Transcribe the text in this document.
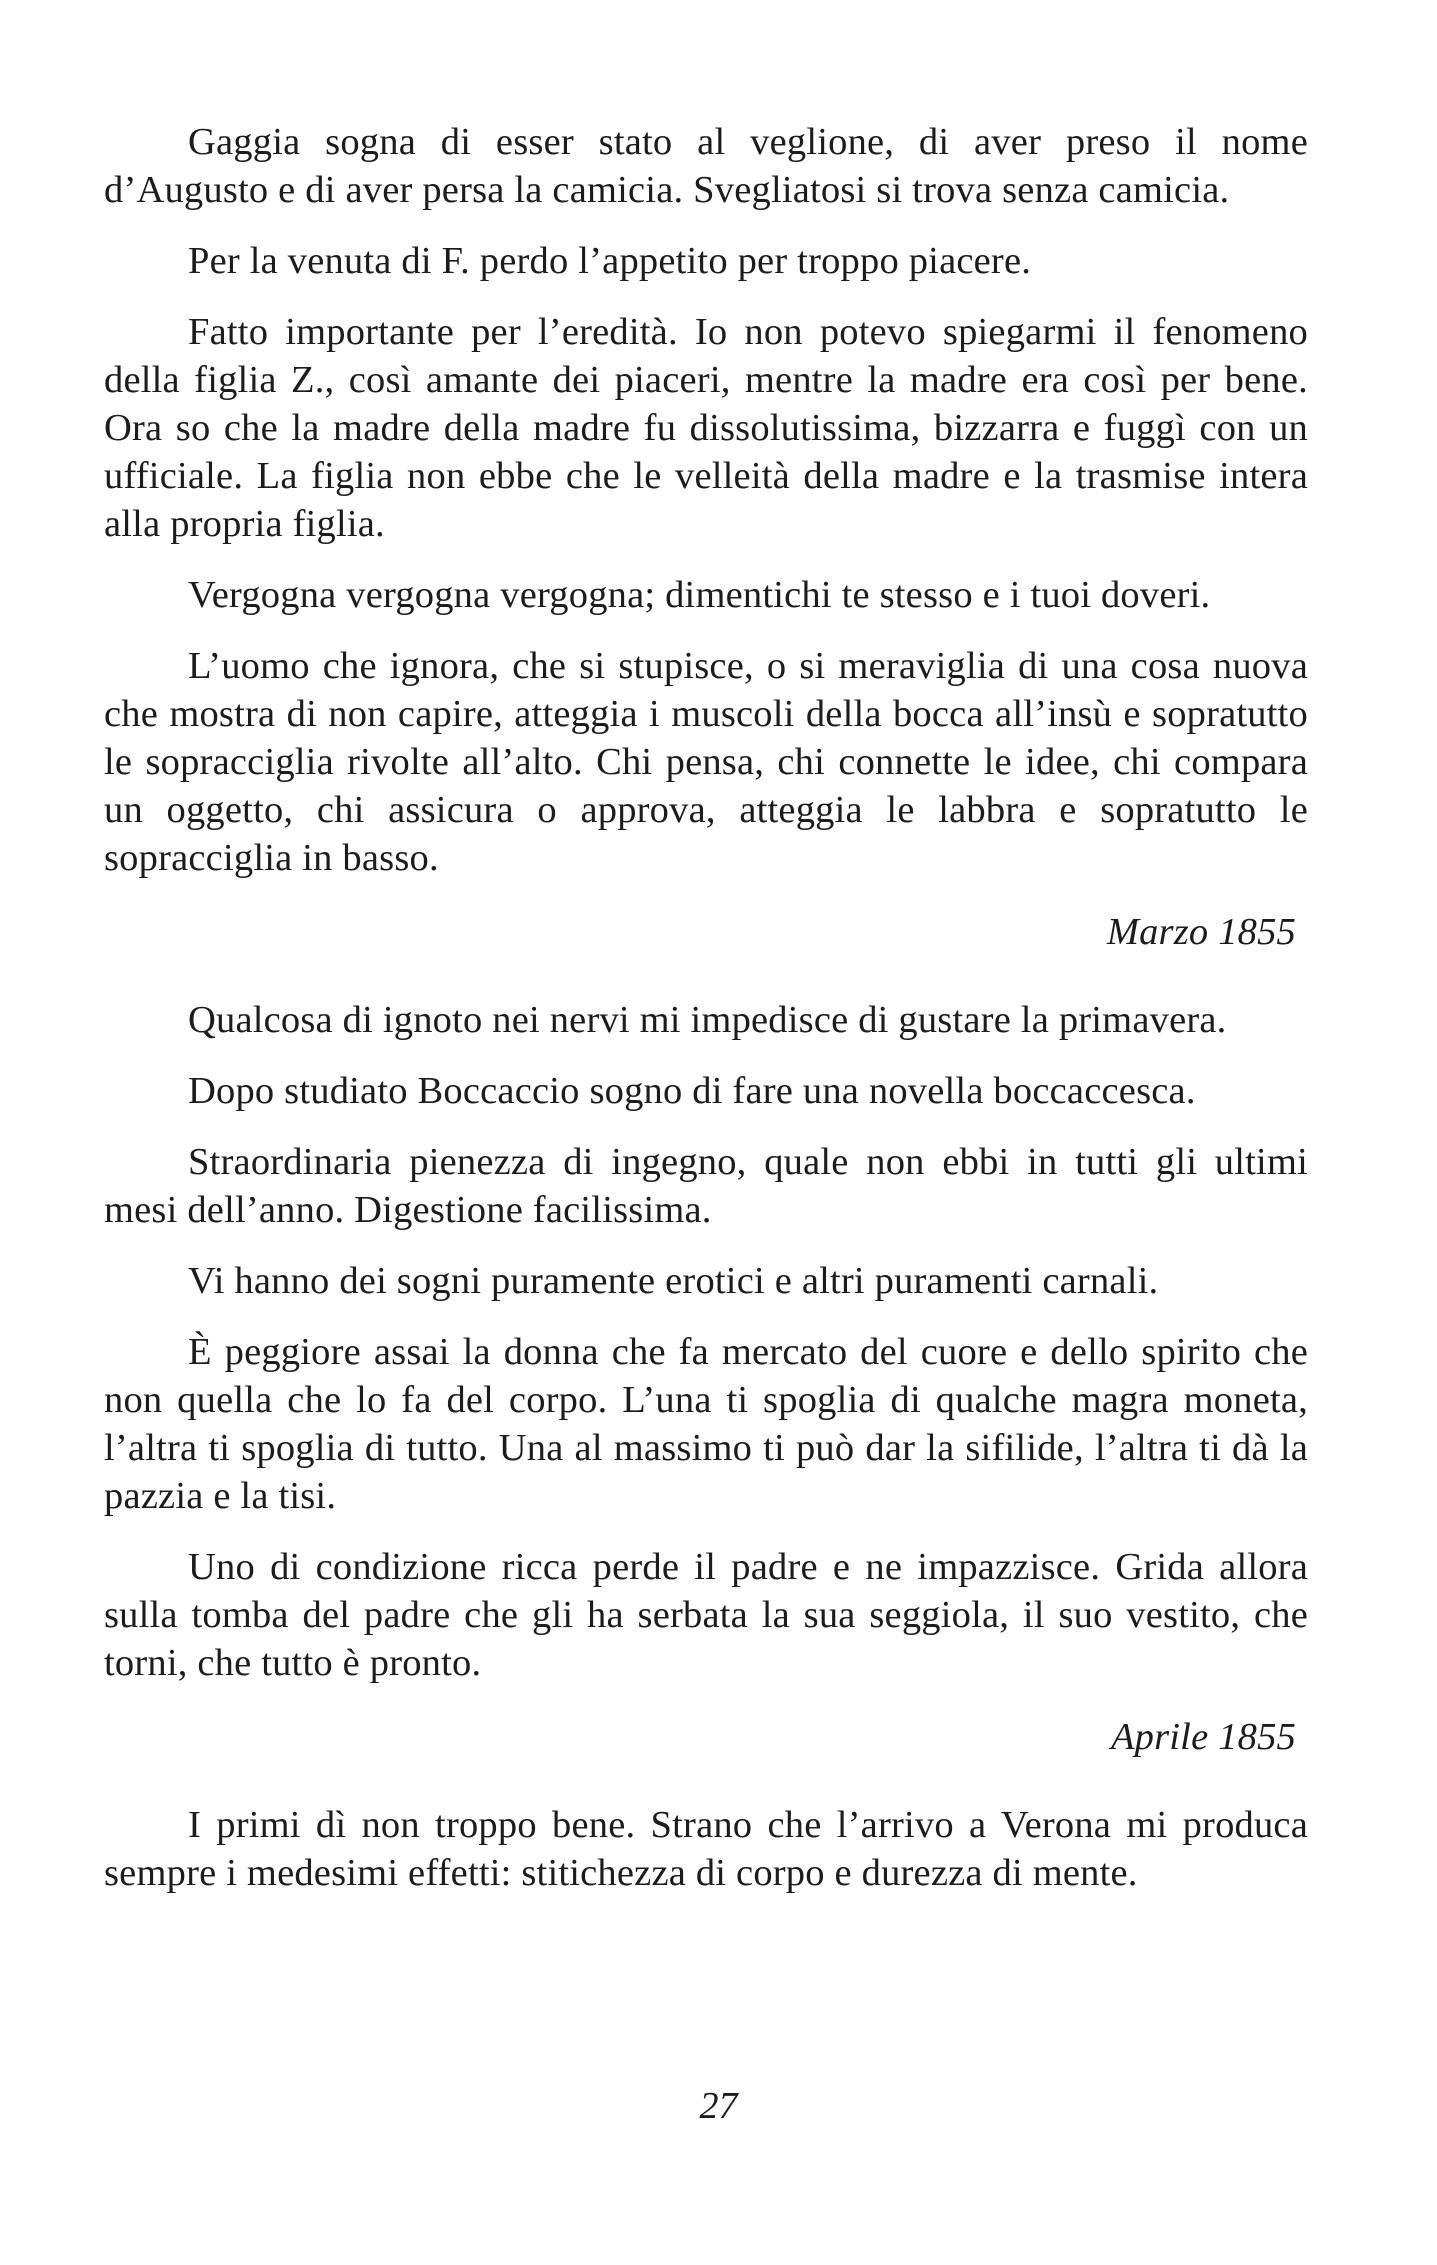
Gaggia sogna di esser stato al veglione, di aver preso il nome d’Augusto e di aver persa la camicia. Svegliatosi si trova senza camicia.

Per la venuta di F. perdo l’appetito per troppo piacere.

Fatto importante per l’eredità. Io non potevo spiegarmi il fenomeno della figlia Z., così amante dei piaceri, mentre la madre era così per bene. Ora so che la madre della madre fu dissolutissima, bizzarra e fuggì con un ufficiale. La figlia non ebbe che le velleità della madre e la trasmise intera alla propria figlia.

Vergogna vergogna vergogna; dimentichi te stesso e i tuoi doveri.

L’uomo che ignora, che si stupisce, o si meraviglia di una cosa nuova che mostra di non capire, atteggia i muscoli della bocca all’insù e sopratutto le sopracciglia rivolte all’alto. Chi pensa, chi connette le idee, chi compara un oggetto, chi assicura o approva, atteggia le labbra e sopratutto le sopracciglia in basso.

Marzo 1855

Qualcosa di ignoto nei nervi mi impedisce di gustare la primavera.

Dopo studiato Boccaccio sogno di fare una novella boccaccesca.

Straordinaria pienezza di ingegno, quale non ebbi in tutti gli ultimi mesi dell’anno. Digestione facilissima.

Vi hanno dei sogni puramente erotici e altri puramenti carnali.

È peggiore assai la donna che fa mercato del cuore e dello spirito che non quella che lo fa del corpo. L’una ti spoglia di qualche magra moneta, l’altra ti spoglia di tutto. Una al massimo ti può dar la sifilide, l’altra ti dà la pazzia e la tisi.

Uno di condizione ricca perde il padre e ne impazzisce. Grida allora sulla tomba del padre che gli ha serbata la sua seggiola, il suo vestito, che torni, che tutto è pronto.

Aprile 1855

I primi dì non troppo bene. Strano che l’arrivo a Verona mi produca sempre i medesimi effetti: stitichezza di corpo e durezza di mente.

27
